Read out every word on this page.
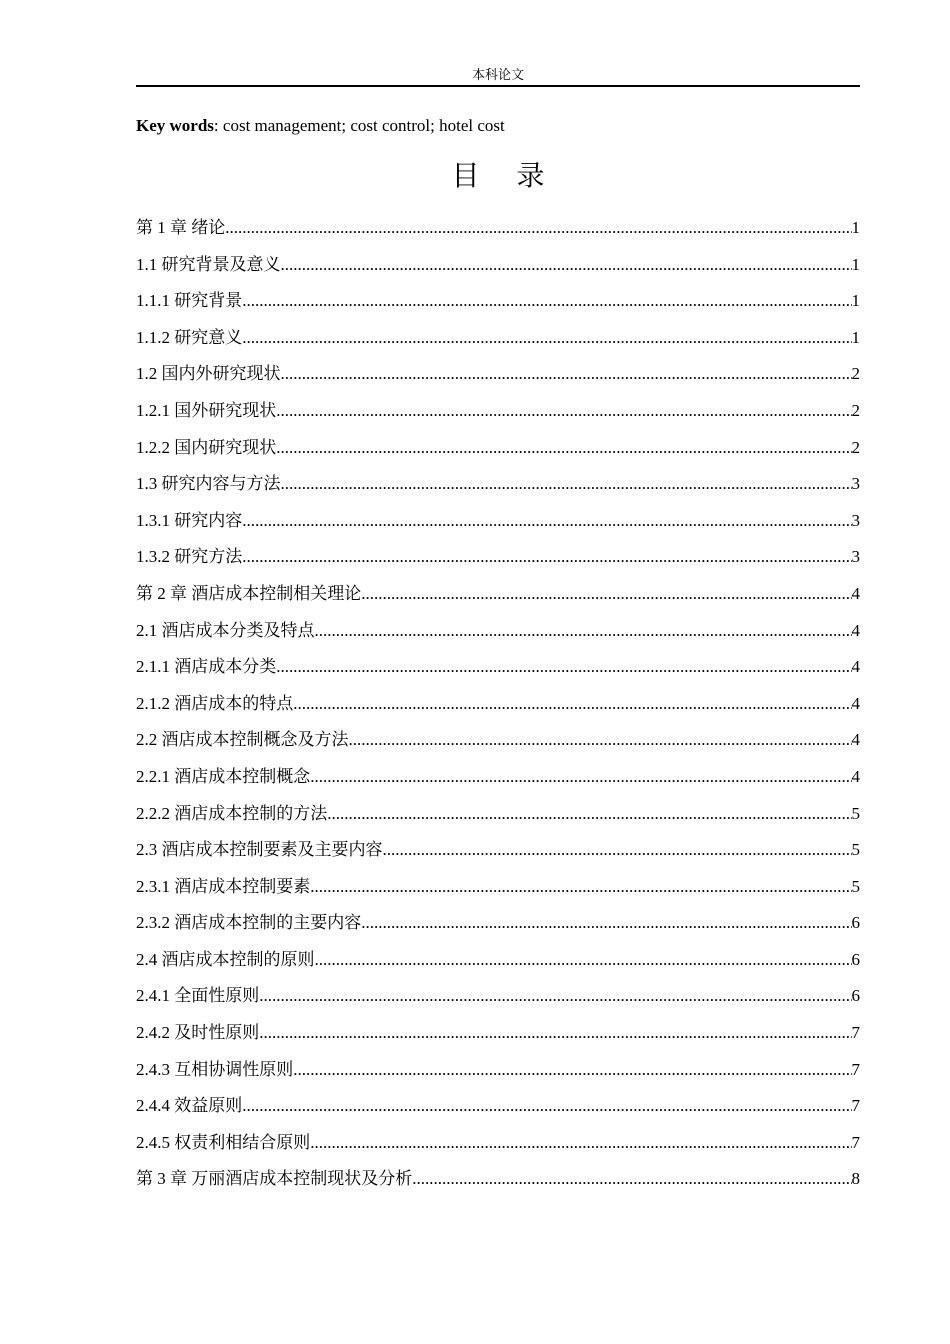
本科论文
Key words: cost management; cost control; hotel cost
目 录
第 1 章 绪论 .....	1
1.1 研究背景及意义 .....	1
1.1.1 研究背景 .....	1
1.1.2 研究意义 .....	1
1.2 国内外研究现状 .....	2
1.2.1 国外研究现状 .....	2
1.2.2 国内研究现状 .....	2
1.3 研究内容与方法 .....	3
1.3.1 研究内容 .....	3
1.3.2 研究方法 .....	3
第 2 章 酒店成本控制相关理论 .....	4
2.1 酒店成本分类及特点 .....	4
2.1.1 酒店成本分类 .....	4
2.1.2 酒店成本的特点 .....	4
2.2 酒店成本控制概念及方法 .....	4
2.2.1 酒店成本控制概念 .....	4
2.2.2 酒店成本控制的方法 .....	5
2.3 酒店成本控制要素及主要内容 .....	5
2.3.1 酒店成本控制要素 .....	5
2.3.2 酒店成本控制的主要内容 .....	6
2.4 酒店成本控制的原则 .....	6
2.4.1 全面性原则 .....	6
2.4.2 及时性原则 .....	7
2.4.3 互相协调性原则 .....	7
2.4.4 效益原则 .....	7
2.4.5 权责利相结合原则 .....	7
第 3 章 万丽酒店成本控制现状及分析 .....	8
